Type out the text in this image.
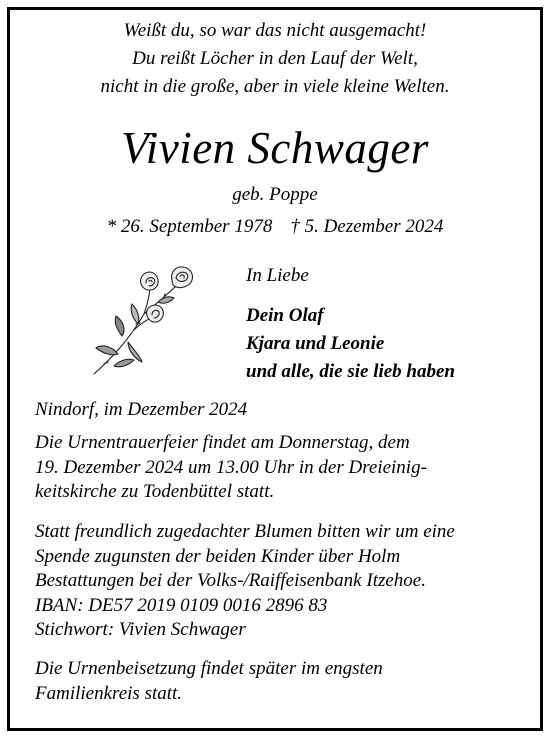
Weißt du, so war das nicht ausgemacht!
Du reißt Löcher in den Lauf der Welt,
nicht in die große, aber in viele kleine Welten.
Vivien Schwager
geb. Poppe
* 26. September 1978 † 5. Dezember 2024
In Liebe
Dein Olaf
Kjara und Leonie
und alle, die sie lieb haben
Nindorf, im Dezember 2024
Die Urnentrauerfeier findet am Donnerstag, dem
19. Dezember 2024 um 13.00 Uhr in der Dreieinig-
keitskirche zu Todenbüttel statt.
Statt freundlich zugedachter Blumen bitten wir um eine
Spende zugunsten der beiden Kinder über Holm
Bestattungen bei der Volks-/Raiffeisenbank Itzehoe.
IBAN: DE57 2019 0109 0016 2896 83
Stichwort: Vivien Schwager
Die Urnenbeisetzung findet später im engsten
Familienkreis statt.
